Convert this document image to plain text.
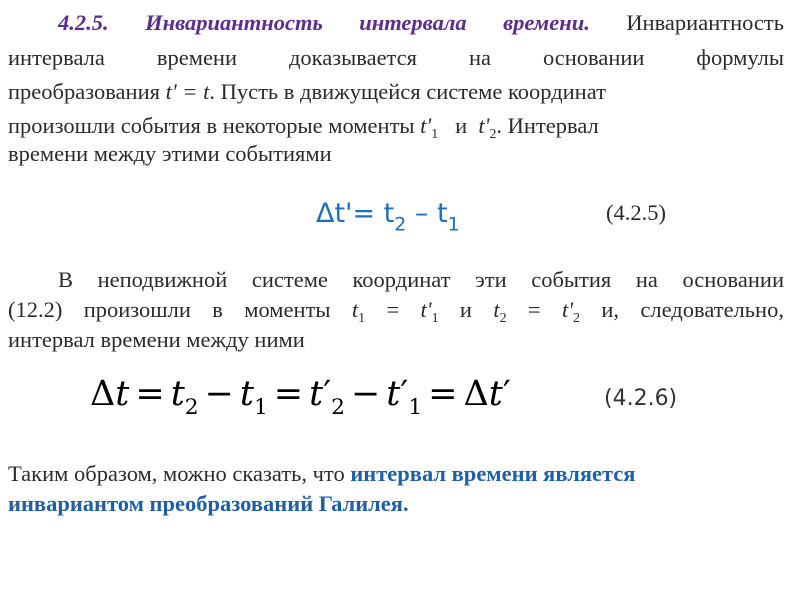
4.2.5. Инвариантность интервала времени. Инвариантность
интервала времени доказывается на основании формулы
преобразования t' = t. Пусть в движущейся системе координат
произошли события в некоторые моменты $t'_1$ и $t'_2$. Интервал
времени между этими событиями
$\Delta t'= t_2 - t_1$	(4.2.5)
В неподвижной системе координат эти события на основании
(12.2) произошли в моменты $t_1 = t'_1$ и $t_2 = t'_2$ и, следовательно,
интервал времени между ними
$\Delta t = t_2 - t_1 = t'_2 - t'_1 = \Delta t'$	(4.2.6)
Таким образом, можно сказать, что интервал времени является
инвариантом преобразований Галилея.
